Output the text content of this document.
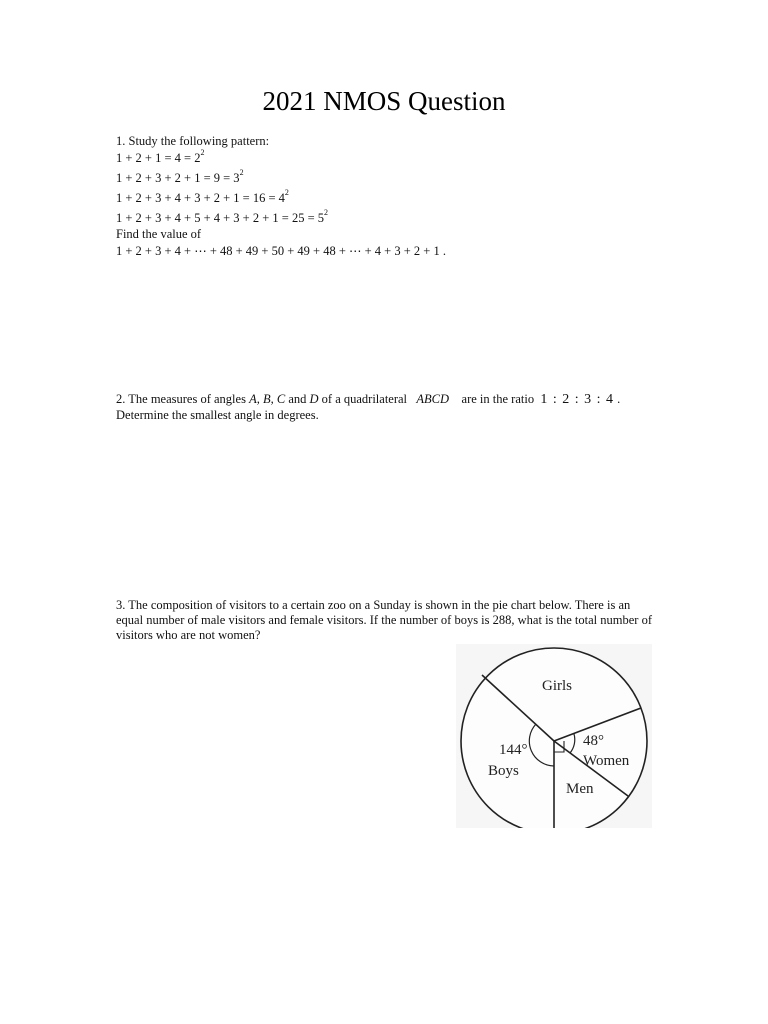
2021 NMOS Question
1. Study the following pattern:
$1 + 2 + 1 = 4 = 2^2$
$1 + 2 + 3 + 2 + 1 = 9 = 3^2$
$1 + 2 + 3 + 4 + 3 + 2 + 1 = 16 = 4^2$
$1 + 2 + 3 + 4 + 5 + 4 + 3 + 2 + 1 = 25 = 5^2$
Find the value of
1 + 2 + 3 + 4 + ⋯ + 48 + 49 + 50 + 49 + 48 + ⋯ + 4 + 3 + 2 + 1 .
2. The measures of angles A, B, C and D of a quadrilateral   ABCD    are in the ratio  1 : 2 : 3 : 4 .
Determine the smallest angle in degrees.
3. The composition of visitors to a certain zoo on a Sunday is shown in the pie chart below. There is an equal number of male visitors and female visitors. If the number of boys is 288, what is the total number of visitors who are not women?
Girls
144°
Boys
48°
Women
Men
